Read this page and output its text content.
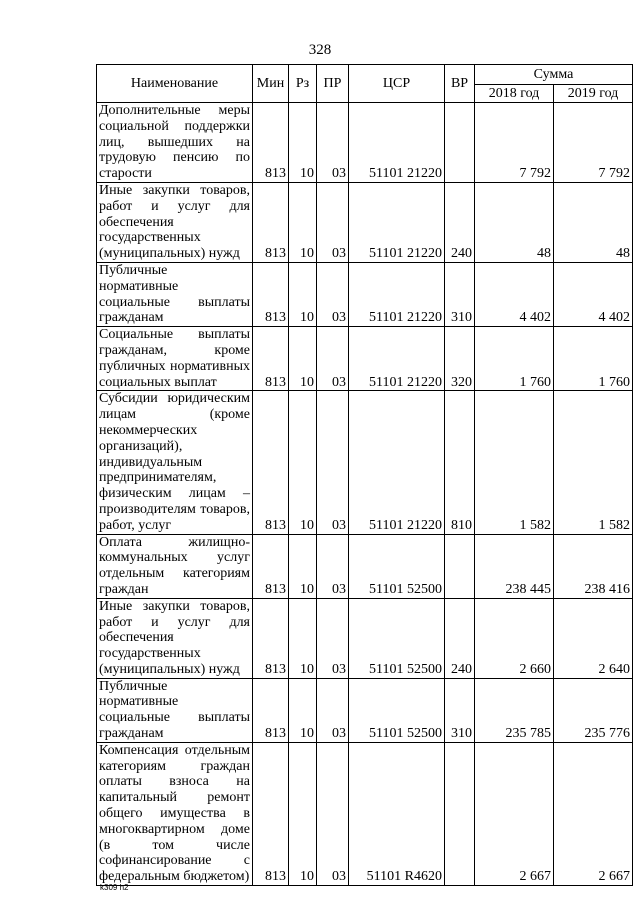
328
Наименование	Мин	Рз	ПР	ЦСР	ВР	Сумма	
						2018 год	2019 год
Дополнительные меры социальной поддержки лиц, вышедших на трудовую пенсию по старости	813	10	03	51101 21220		7 792	7 792
Иные закупки товаров, работ и услуг для обеспечения государственных (муниципальных) нужд	813	10	03	51101 21220	240	48	48
Публичные нормативные социальные выплаты гражданам	813	10	03	51101 21220	310	4 402	4 402
Социальные выплаты гражданам, кроме публичных нормативных социальных выплат	813	10	03	51101 21220	320	1 760	1 760
Субсидии юридическим лицам (кроме некоммерческих организаций), индивидуальным предпринимателям, физическим лицам – производителям товаров, работ, услуг	813	10	03	51101 21220	810	1 582	1 582
Оплата жилищно-коммунальных услуг отдельным категориям граждан	813	10	03	51101 52500		238 445	238 416
Иные закупки товаров, работ и услуг для обеспечения государственных (муниципальных) нужд	813	10	03	51101 52500	240	2 660	2 640
Публичные нормативные социальные выплаты гражданам	813	10	03	51101 52500	310	235 785	235 776
Компенсация отдельным категориям граждан оплаты взноса на капитальный ремонт общего имущества в многоквартирном доме (в том числе софинансирование с федеральным бюджетом)	813	10	03	51101 R4620		2 667	2 667
k309 h2
